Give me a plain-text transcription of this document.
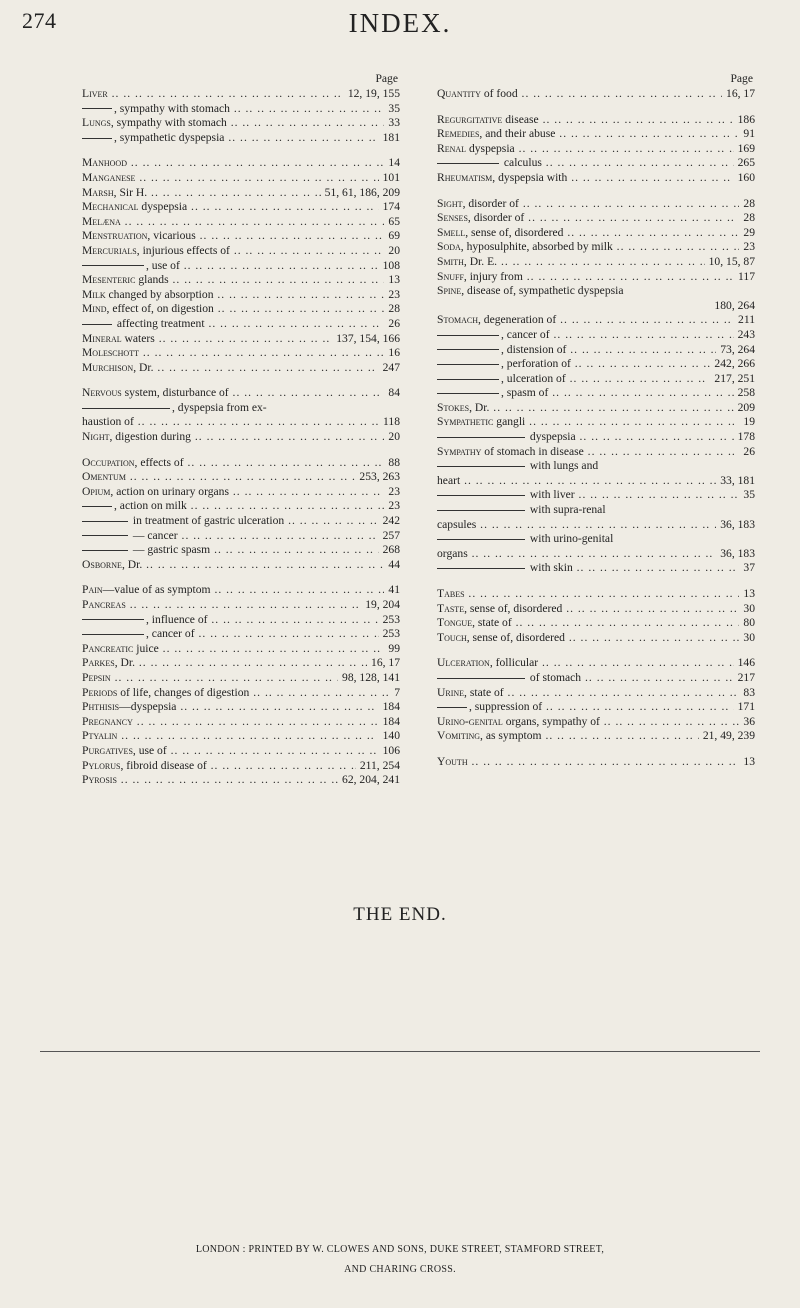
274	INDEX.
Page
Liver .. ..	12, 19, 155
, sympathy with stomach .. ..	35
Lungs, sympathy with stomach .. ..	33
, sympathetic dyspepsia .. ..	181
Manhood .. ..	14
Manganese .. ..	101
Marsh, Sir H. .. ..	51, 61, 186, 209
Mechanical dyspepsia .. ..	174
Melæna .. ..	65
Menstruation, vicarious .. ..	69
Mercurials, injurious effects of .. ..	20
, use of .. ..	108
Mesenteric glands .. ..	13
Milk changed by absorption .. ..	23
Mind, effect of, on digestion .. ..	28
affecting treatment .. ..	26
Mineral waters .. ..	137, 154, 166
Moleschott .. ..	16
Murchison, Dr. .. ..	247
Nervous system, disturbance of .. ..	84
, dyspepsia from ex-
haustion of .. ..	118
Night, digestion during .. ..	20
Occupation, effects of .. ..	88
Omentum .. ..	253, 263
Opium, action on urinary organs .. ..	23
, action on milk .. ..	23
in treatment of gastric ulceration .. ..	242
— cancer .. ..	257
— gastric spasm .. ..	268
Osborne, Dr. .. ..	44
Pain—value of as symptom .. ..	41
Pancreas .. ..	19, 204
, influence of .. ..	253
, cancer of .. ..	253
Pancreatic juice .. ..	99
Parkes, Dr. .. ..	16, 17
Pepsin .. ..	98, 128, 141
Periods of life, changes of digestion .. ..	7
Phthisis—dyspepsia .. ..	184
Pregnancy .. ..	184
Ptyalin .. ..	140
Purgatives, use of .. ..	106
Pylorus, fibroid disease of .. ..	211, 254
Pyrosis .. ..	62, 204, 241
Page
Quantity of food .. ..	16, 17
Regurgitative disease .. ..	186
Remedies, and their abuse .. ..	91
Renal dyspepsia .. ..	169
calculus .. ..	265
Rheumatism, dyspepsia with .. ..	160
Sight, disorder of .. ..	28
Senses, disorder of .. ..	28
Smell, sense of, disordered .. ..	29
Soda, hyposulphite, absorbed by milk .. ..	23
Smith, Dr. E. .. ..	10, 15, 87
Snuff, injury from .. ..	117
Spine, disease of, sympathetic dyspepsia
180, 264
Stomach, degeneration of .. ..	211
, cancer of .. ..	243
, distension of .. ..	73, 264
, perforation of .. ..	242, 266
, ulceration of .. ..	217, 251
, spasm of .. ..	258
Stokes, Dr. .. ..	209
Sympathetic gangli .. ..	19
dyspepsia .. ..	178
Sympathy of stomach in disease .. ..	26
with lungs and
heart .. ..	33, 181
with liver .. ..	35
with supra-renal
capsules .. ..	36, 183
with urino-genital
organs .. ..	36, 183
with skin .. ..	37
Tabes .. ..	13
Taste, sense of, disordered .. ..	30
Tongue, state of .. ..	80
Touch, sense of, disordered .. ..	30
Ulceration, follicular .. ..	146
of stomach .. ..	217
Urine, state of .. ..	83
, suppression of .. ..	171
Urino-genital organs, sympathy of .. ..	36
Vomiting, as symptom .. ..	21, 49, 239
Youth .. ..	13
THE END.
LONDON : PRINTED BY W. CLOWES AND SONS, DUKE STREET, STAMFORD STREET,
AND CHARING CROSS.
